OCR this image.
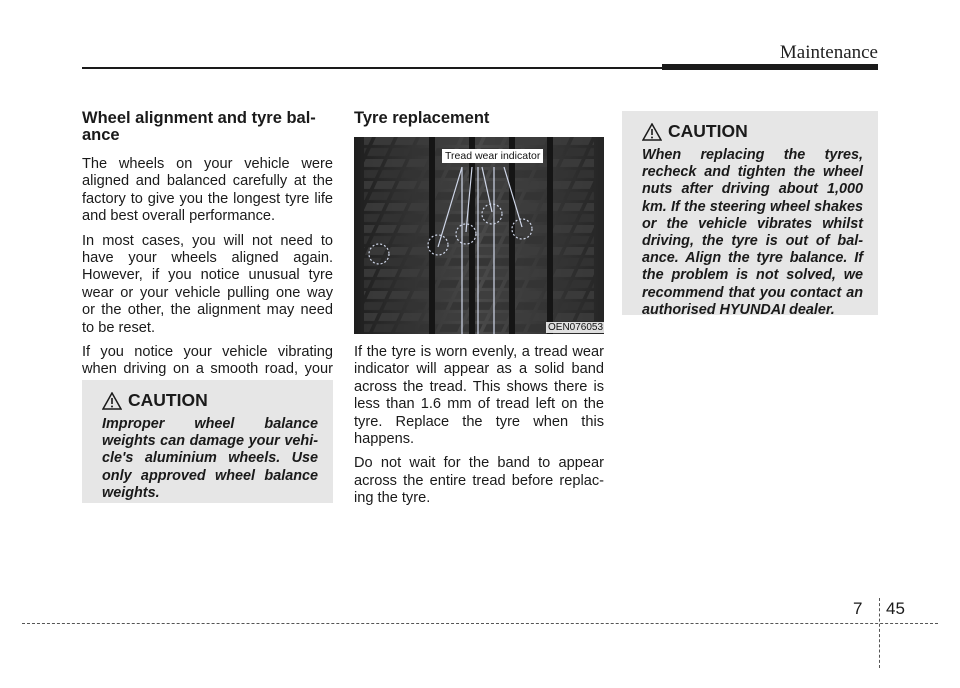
Maintenance
Wheel alignment and tyre bal-
ance

The wheels on your vehicle were aligned and balanced carefully at the factory to give you the longest tyre life and best overall performance.

In most cases, you will not need to have your wheels aligned again. However, if you notice unusual tyre wear or your vehicle pulling one way or the other, the alignment may need to be reset.

If you notice your vehicle vibrating when driving on a smooth road, your

CAUTION

Improper wheel balance weights can damage your vehi-cle's aluminium wheels. Use only approved wheel balance weights.

Tyre replacement
Tread wear indicator
OEN076053

If the tyre is worn evenly, a tread wear indicator will appear as a solid band across the tread. This shows there is less than 1.6 mm of tread left on the tyre. Replace the tyre when this happens.

Do not wait for the band to appear across the entire tread before replac-ing the tyre.

CAUTION

When replacing the tyres, recheck and tighten the wheel nuts after driving about 1,000 km. If the steering wheel shakes or the vehicle vibrates whilst driving, the tyre is out of bal-ance. Align the tyre balance. If the problem is not solved, we recommend that you contact an authorised HYUNDAI dealer.

7 45
